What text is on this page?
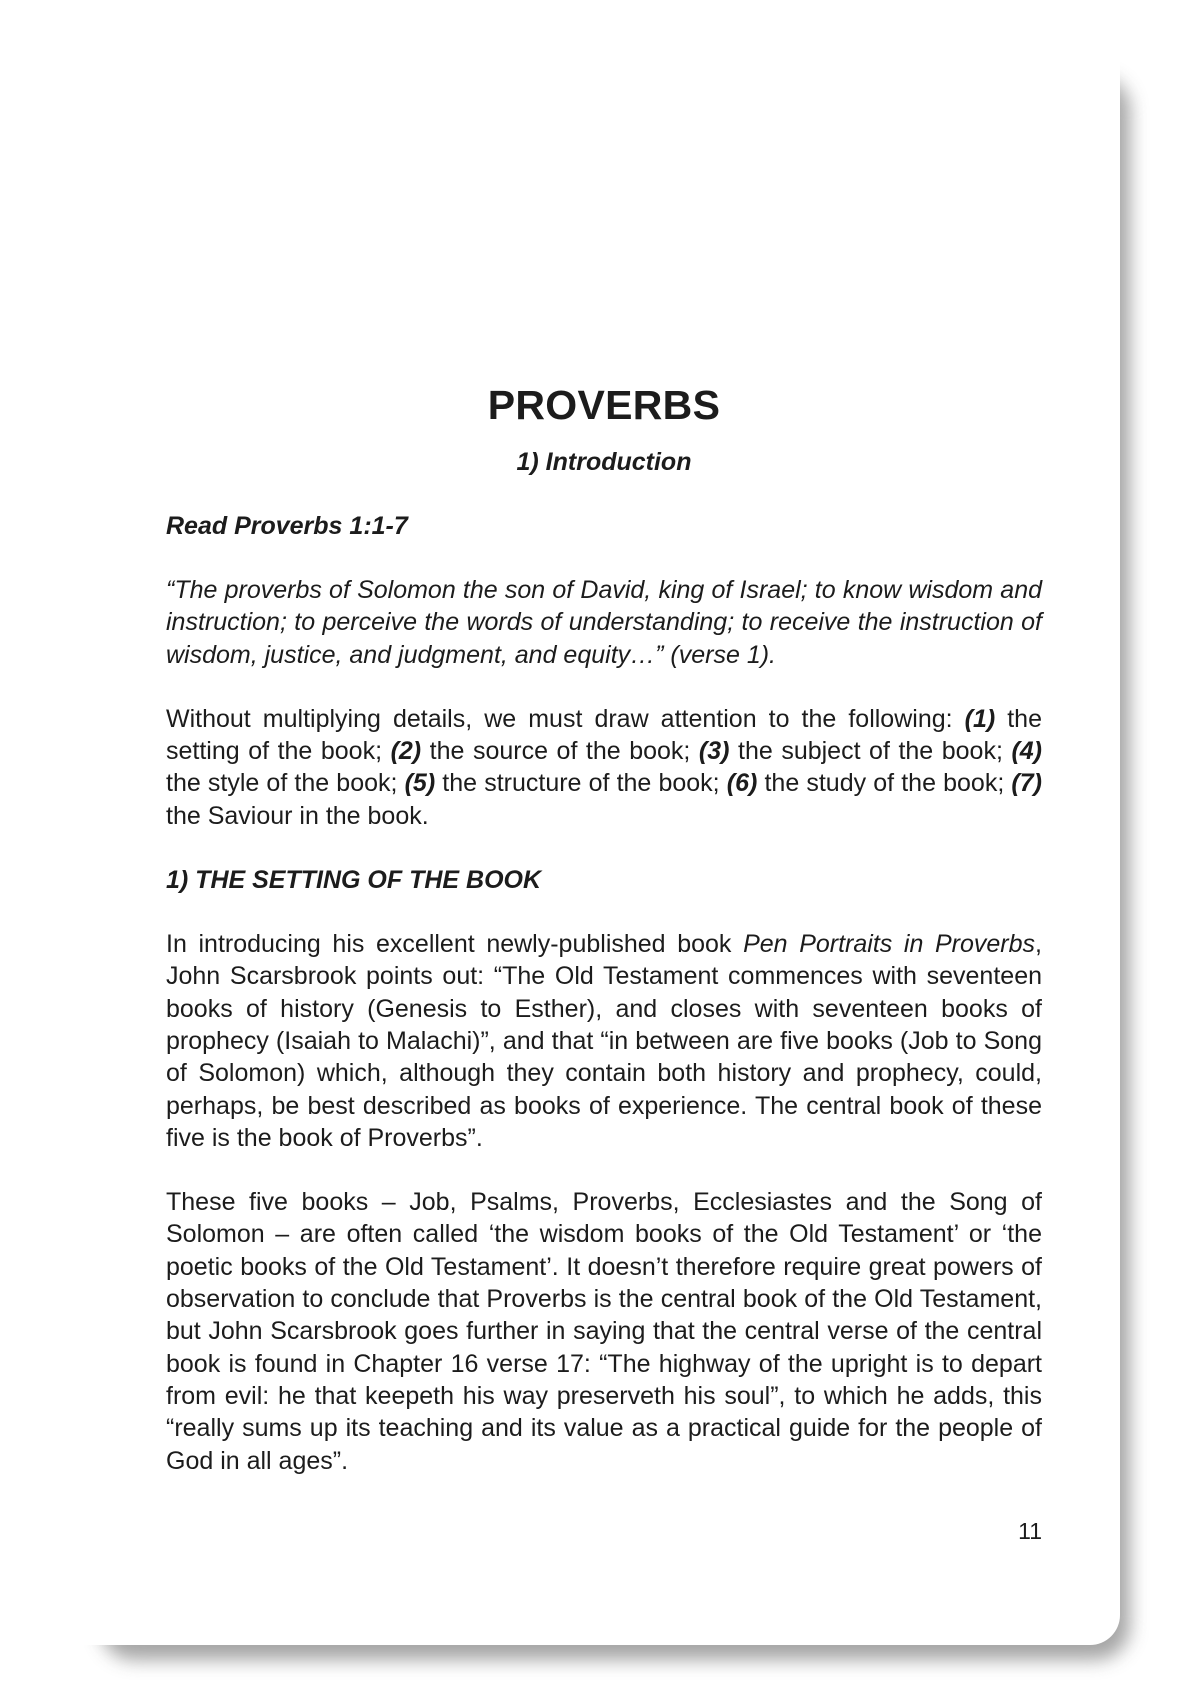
PROVERBS
1) Introduction
Read Proverbs 1:1-7

“The proverbs of Solomon the son of David, king of Israel; to know wisdom and instruction; to perceive the words of understanding; to receive the instruction of wisdom, justice, and judgment, and equity…” (verse 1).

Without multiplying details, we must draw attention to the following: (1) the setting of the book; (2) the source of the book; (3) the subject of the book; (4) the style of the book; (5) the structure of the book; (6) the study of the book; (7) the Saviour in the book.

1) THE SETTING OF THE BOOK

In introducing his excellent newly-published book Pen Portraits in Proverbs, John Scarsbrook points out: “The Old Testament commences with seventeen books of history (Genesis to Esther), and closes with seventeen books of prophecy (Isaiah to Malachi)”, and that “in between are five books (Job to Song of Solomon) which, although they contain both history and prophecy, could, perhaps, be best described as books of experience. The central book of these five is the book of Proverbs”.

These five books – Job, Psalms, Proverbs, Ecclesiastes and the Song of Solomon – are often called ‘the wisdom books of the Old Testament’ or ‘the poetic books of the Old Testament’. It doesn’t therefore require great powers of observation to conclude that Proverbs is the central book of the Old Testament, but John Scarsbrook goes further in saying that the central verse of the central book is found in Chapter 16 verse 17: “The highway of the upright is to depart from evil: he that keepeth his way preserveth his soul”, to which he adds, this “really sums up its teaching and its value as a practical guide for the people of God in all ages”.

11
